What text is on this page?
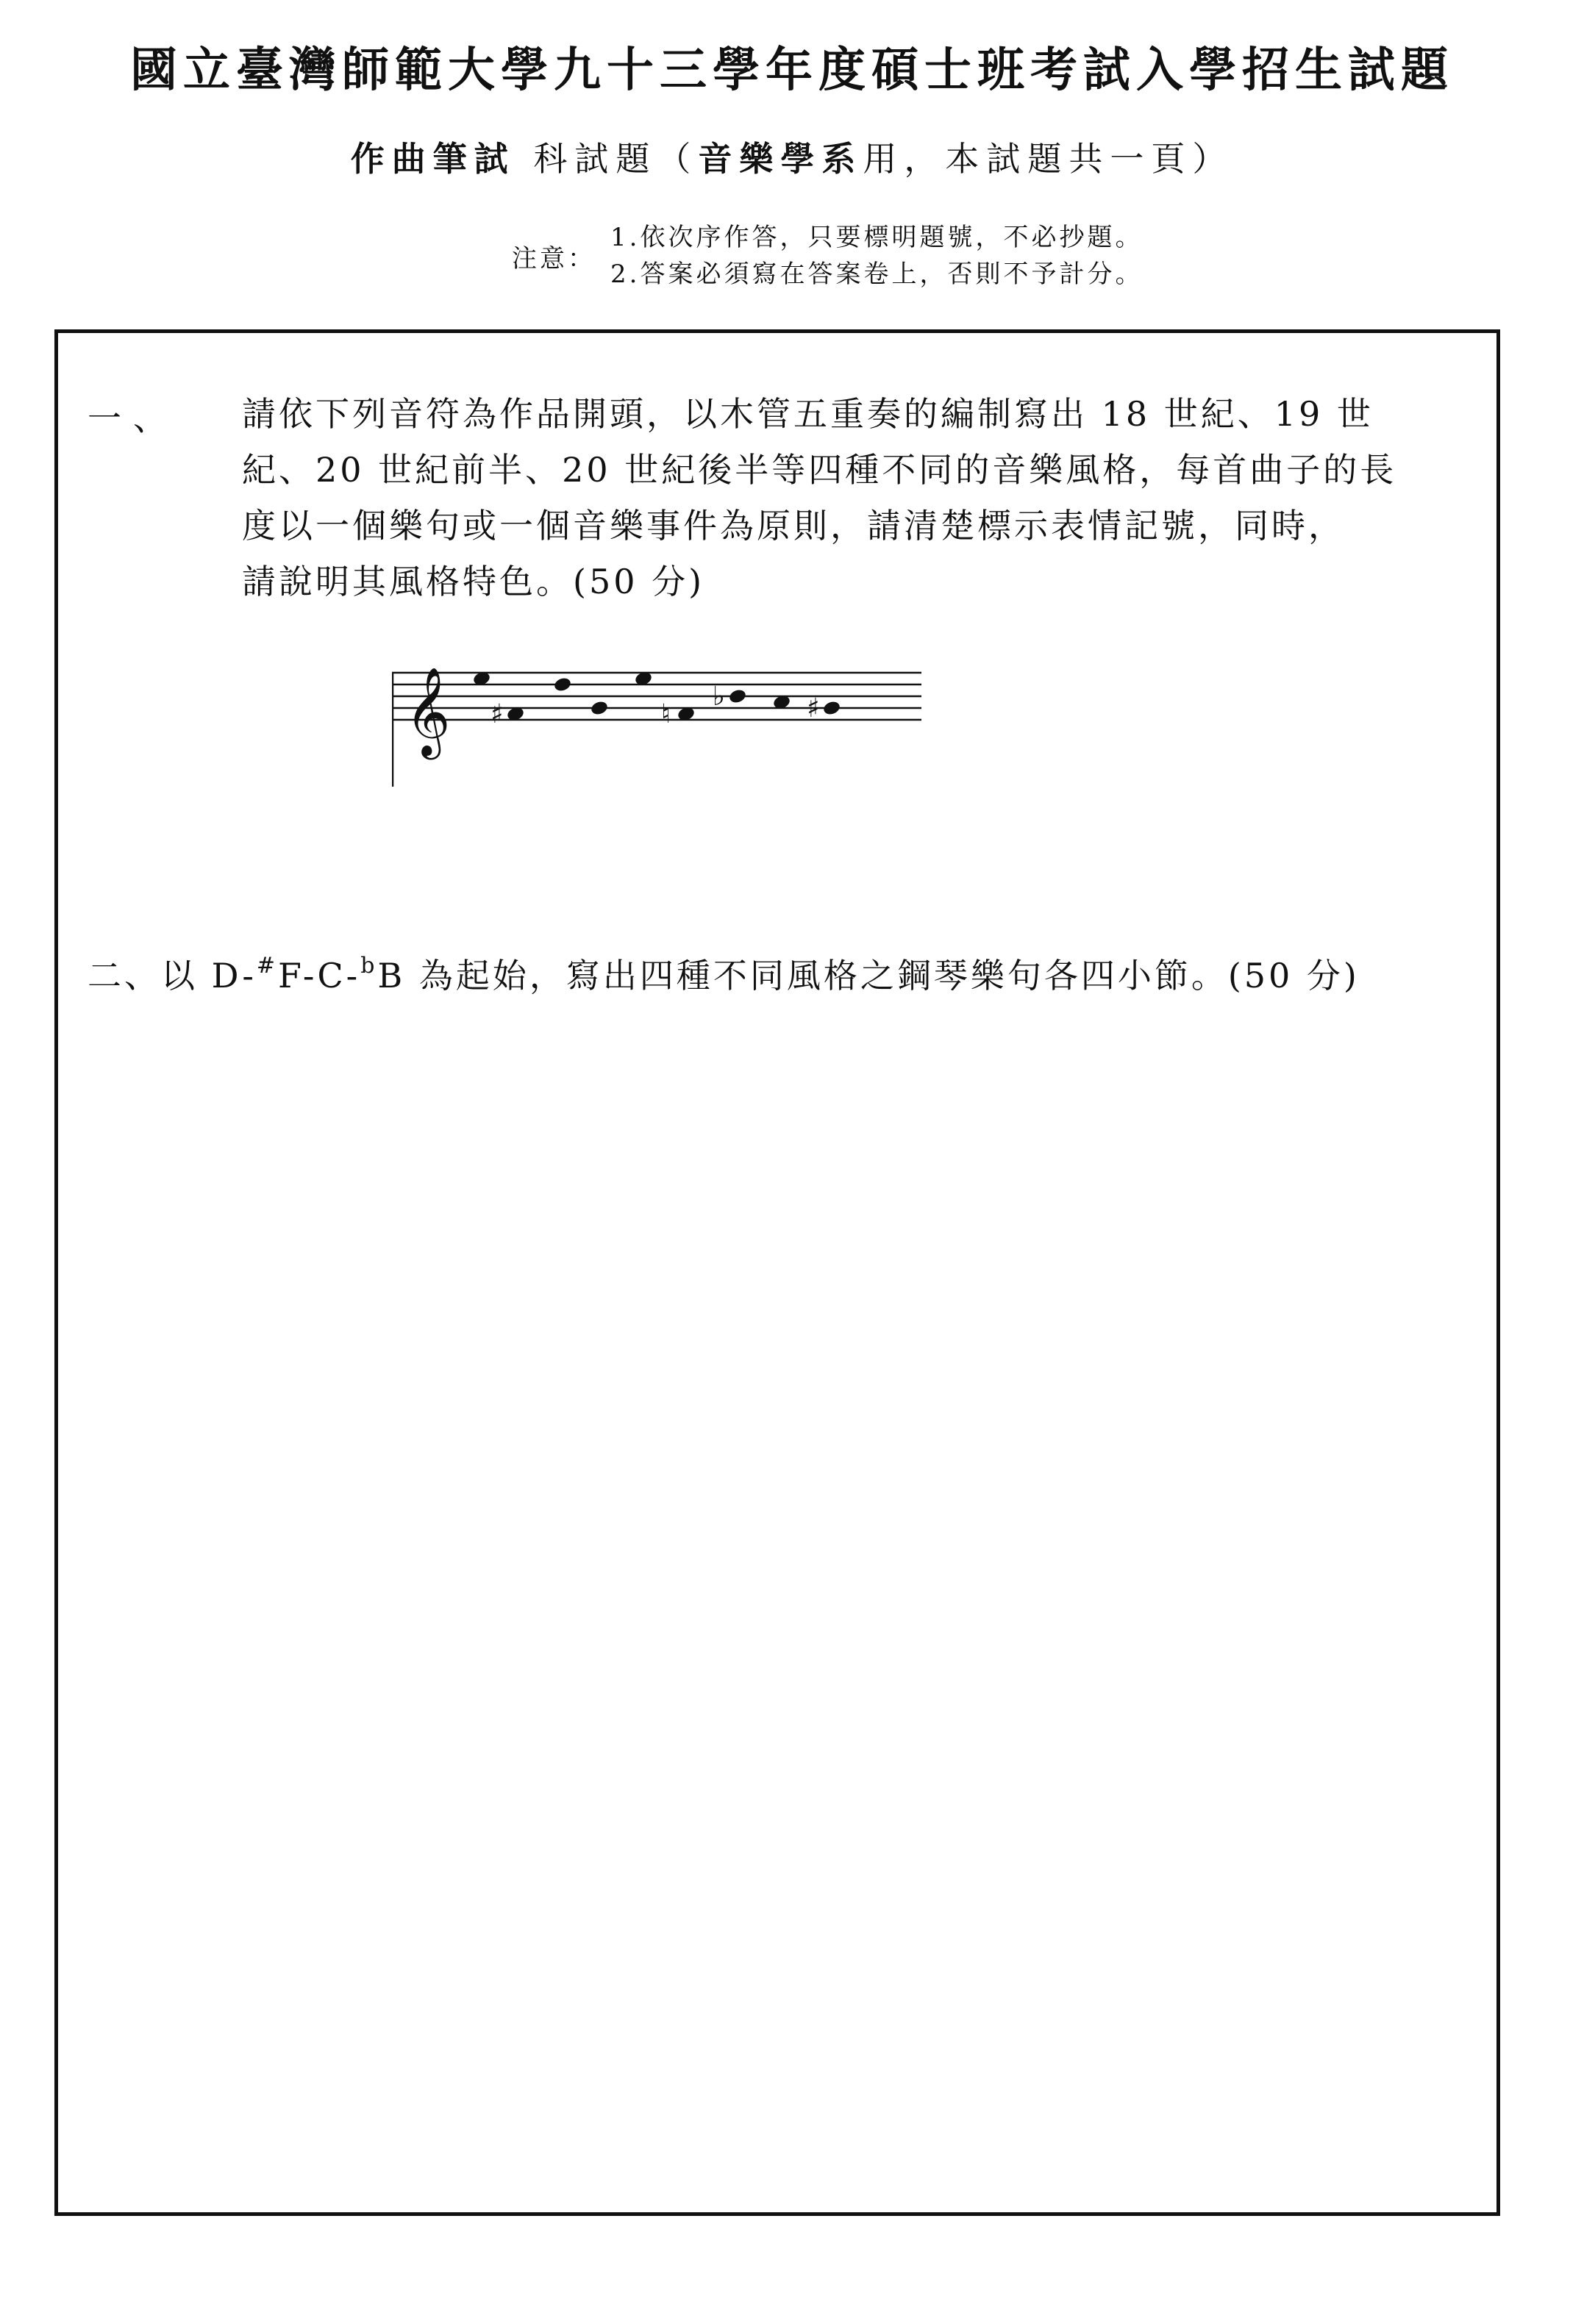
國立臺灣師範大學九十三學年度碩士班考試入學招生試題
作曲筆試 科試題（音樂學系用，本試題共一頁）
注意：
1.依次序作答，只要標明題號，不必抄題。
2.答案必須寫在答案卷上，否則不予計分。
一、	請依下列音符為作品開頭，以木管五重奏的編制寫出 18 世紀、19 世
紀、20 世紀前半、20 世紀後半等四種不同的音樂風格，每首曲子的長
度以一個樂句或一個音樂事件為原則，請清楚標示表情記號，同時，
請說明其風格特色。(50 分)
𝄞 ♯	♮
♭	♯
二、以 D-#F-C-$^b$B 為起始，寫出四種不同風格之鋼琴樂句各四小節。(50 分)
